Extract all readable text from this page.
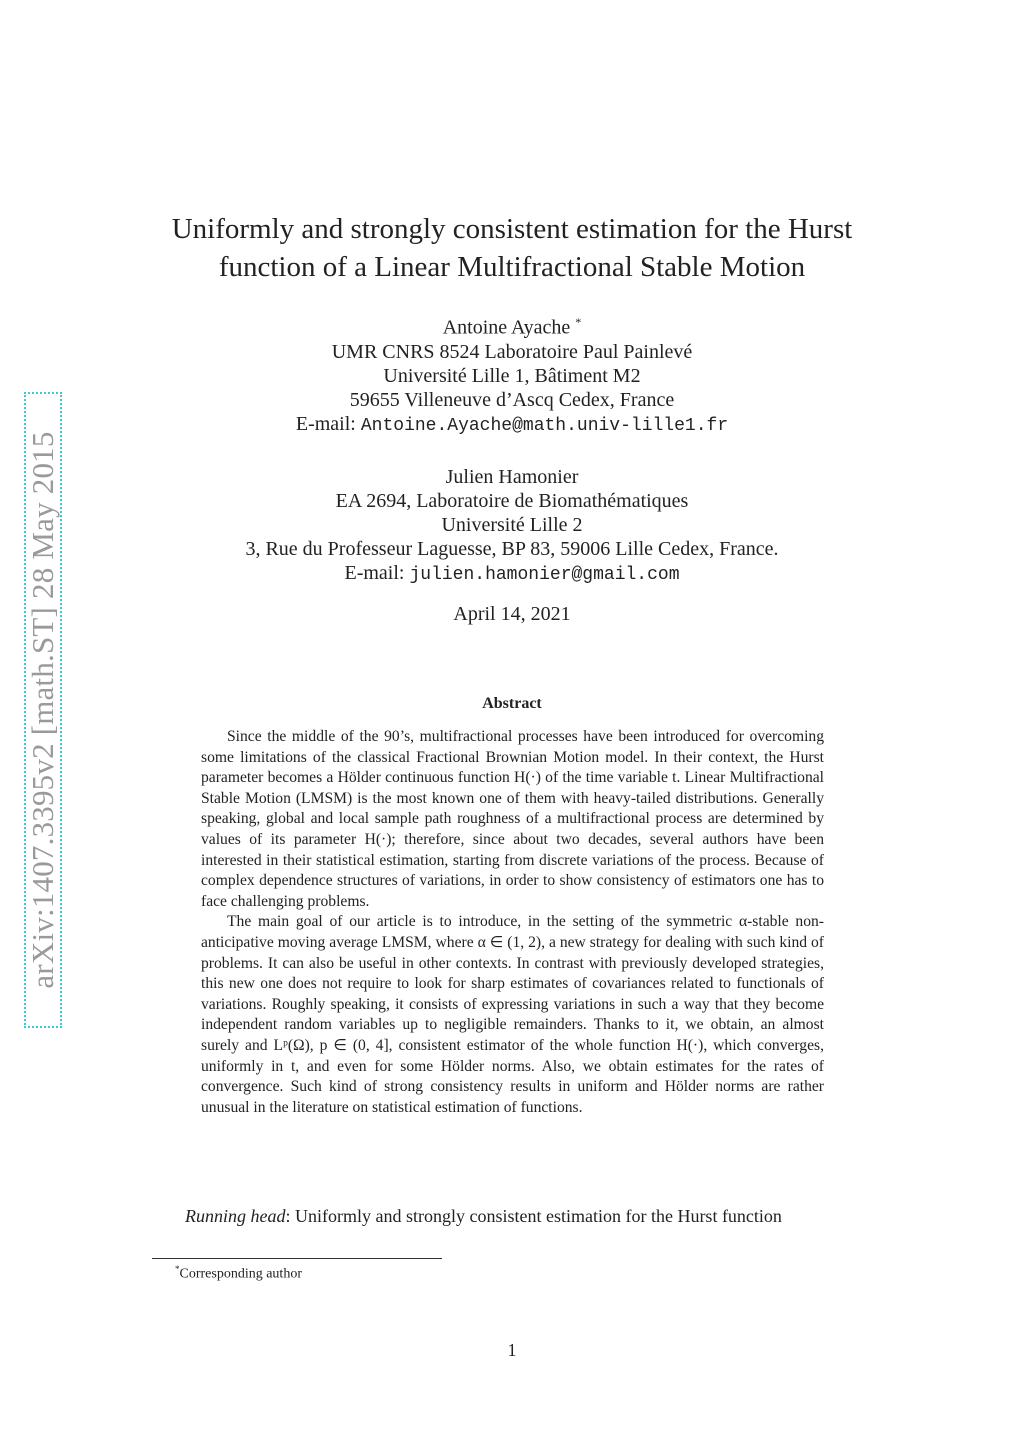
arXiv:1407.3395v2 [math.ST] 28 May 2015
Uniformly and strongly consistent estimation for the Hurst
function of a Linear Multifractional Stable Motion
Antoine Ayache *
UMR CNRS 8524 Laboratoire Paul Painlevé
Université Lille 1, Bâtiment M2
59655 Villeneuve d’Ascq Cedex, France
E-mail: Antoine.Ayache@math.univ-lille1.fr
Julien Hamonier
EA 2694, Laboratoire de Biomathématiques
Université Lille 2
3, Rue du Professeur Laguesse, BP 83, 59006 Lille Cedex, France.
E-mail: julien.hamonier@gmail.com
April 14, 2021
Abstract

Since the middle of the 90’s, multifractional processes have been introduced for overcoming some limitations of the classical Fractional Brownian Motion model. In their context, the Hurst parameter becomes a Hölder continuous function H(·) of the time variable t. Linear Multifractional Stable Motion (LMSM) is the most known one of them with heavy-tailed distributions. Generally speaking, global and local sample path roughness of a multifractional process are determined by values of its parameter H(·); therefore, since about two decades, several authors have been interested in their statistical estimation, starting from discrete variations of the process. Because of complex dependence structures of variations, in order to show consistency of estimators one has to face challenging problems.

The main goal of our article is to introduce, in the setting of the symmetric α-stable non-anticipative moving average LMSM, where α ∈ (1, 2), a new strategy for dealing with such kind of problems. It can also be useful in other contexts. In contrast with previously developed strategies, this new one does not require to look for sharp estimates of covariances related to functionals of variations. Roughly speaking, it consists of expressing variations in such a way that they become independent random variables up to negligible remainders. Thanks to it, we obtain, an almost surely and Lᵖ(Ω), p ∈ (0, 4], consistent estimator of the whole function H(·), which converges, uniformly in t, and even for some Hölder norms. Also, we obtain estimates for the rates of convergence. Such kind of strong consistency results in uniform and Hölder norms are rather unusual in the literature on statistical estimation of functions.

Running head: Uniformly and strongly consistent estimation for the Hurst function
*Corresponding author
1
